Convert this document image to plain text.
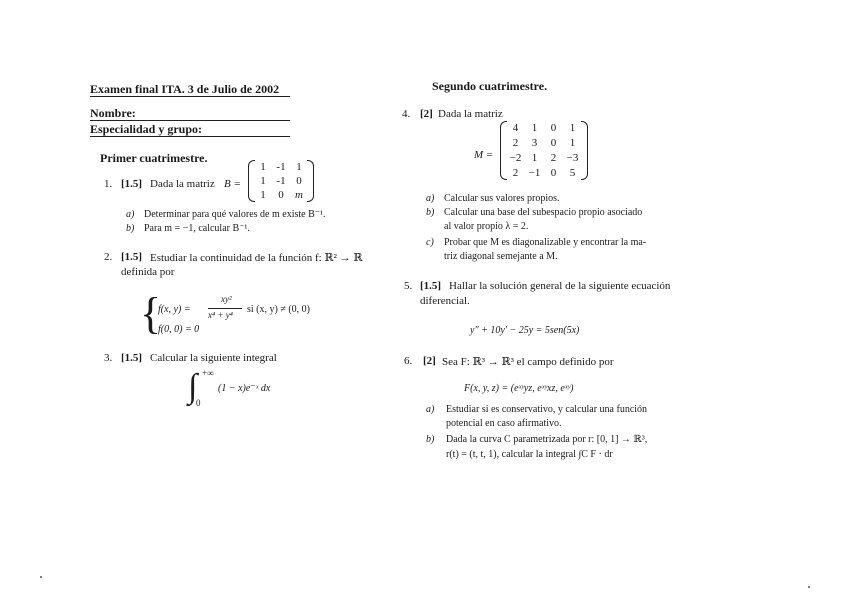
Examen final ITA. 3 de Julio de 2002
Nombre:
Especialidad y grupo:
Primer cuatrimestre.
1. [1.5] Dada la matriz B =
1 -1 1
1 -1 0
1	0	m
a) Determinar para qué valores de m existe B⁻¹.
b) Para m = −1, calcular B⁻¹.
2. [1.5] Estudiar la continuidad de la función f: ℝ² → ℝ
definida por
{
f(x, y) =
xy²
x⁴ + y⁴ si (x, y) ≠ (0, 0)
f(0, 0) = 0
3. [1.5] Calcular la siguiente integral
∫ +∞
0
(1 − x)e⁻ˣ dx
Segundo cuatrimestre.
4. [2] Dada la matriz
M =
4	1	0	1
2	3	0	1
−2 1	2 −3
2 −1 0	5
a) Calcular sus valores propios.
b) Calcular una base del subespacio propio asociado
al valor propio λ = 2.
c) Probar que M es diagonalizable y encontrar la ma-
triz diagonal semejante a M.
5. [1.5] Hallar la solución general de la siguiente ecuación
diferencial.
y″ + 10y′ − 25y = 5sen(5x)
6. [2] Sea F: ℝ³ → ℝ³ el campo definido por
F(x, y, z) = (eˣʸyz, eˣʸxz, eˣʸ)
a) Estudiar si es conservativo, y calcular una función
potencial en caso afirmativo.
b) Dada la curva C parametrizada por r: [0, 1] → ℝ³,
r(t) = (t, t, 1), calcular la integral ∫C F · dr
